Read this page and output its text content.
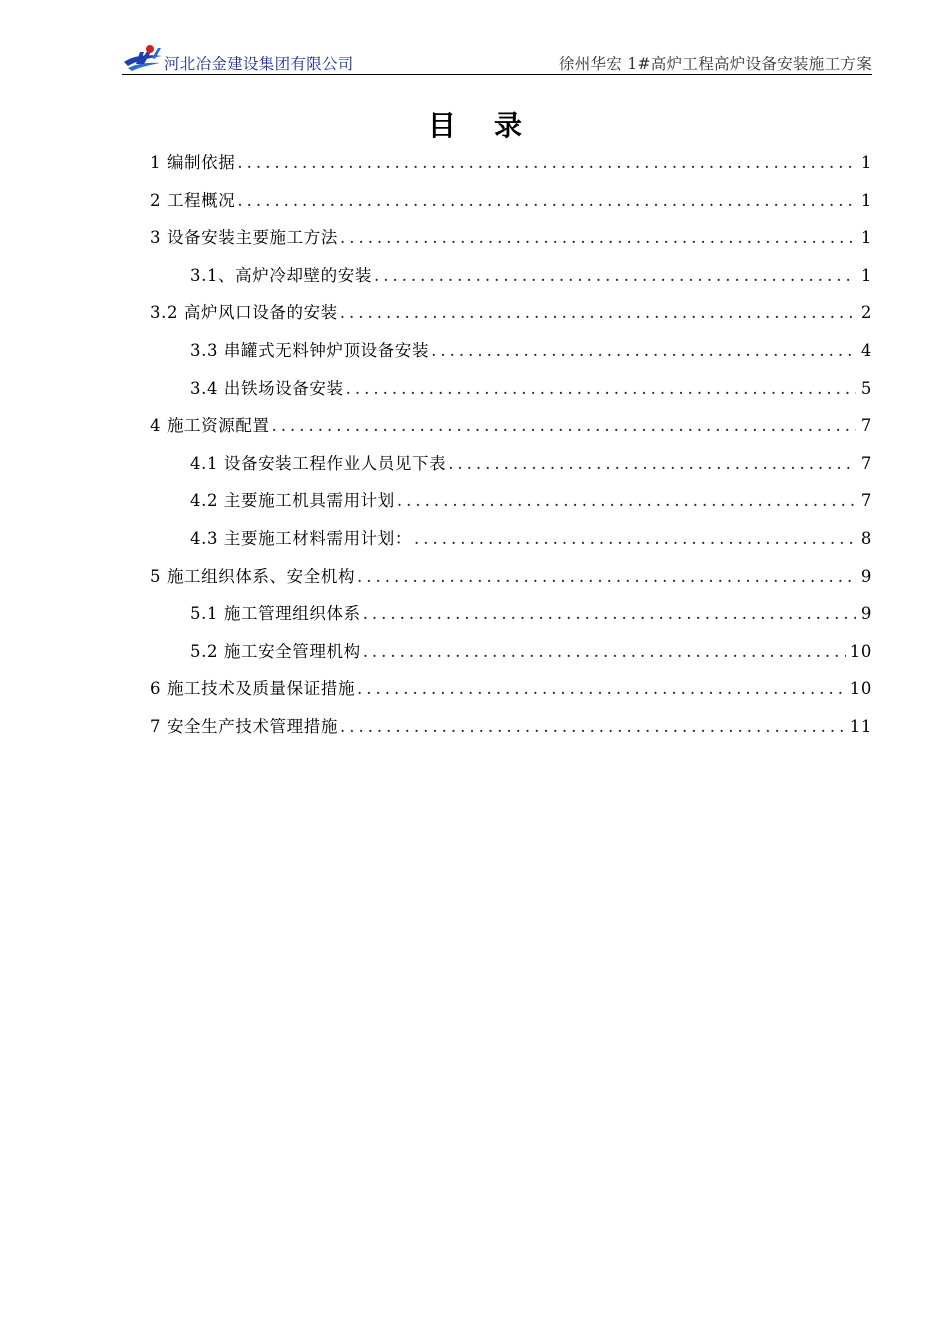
河北冶金建设集团有限公司	徐州华宏 1#高炉工程高炉设备安装施工方案
目 录
1 编制依据 .....	1
2 工程概况 .....	1
3 设备安装主要施工方法 .....	1
3.1、高炉冷却壁的安装 .....	1
3.2 高炉风口设备的安装 .....	2
3.3 串罐式无料钟炉顶设备安装 .....	4
3.4 出铁场设备安装 .....	5
4 施工资源配置 .....	7
4.1 设备安装工程作业人员见下表 .....	7
4.2 主要施工机具需用计划 .....	7
4.3 主要施工材料需用计划： .....	8
5 施工组织体系、安全机构 .....	9
5.1 施工管理组织体系 .....	9
5.2 施工安全管理机构 .....	10
6 施工技术及质量保证措施 .....	10
7 安全生产技术管理措施 .....	11
